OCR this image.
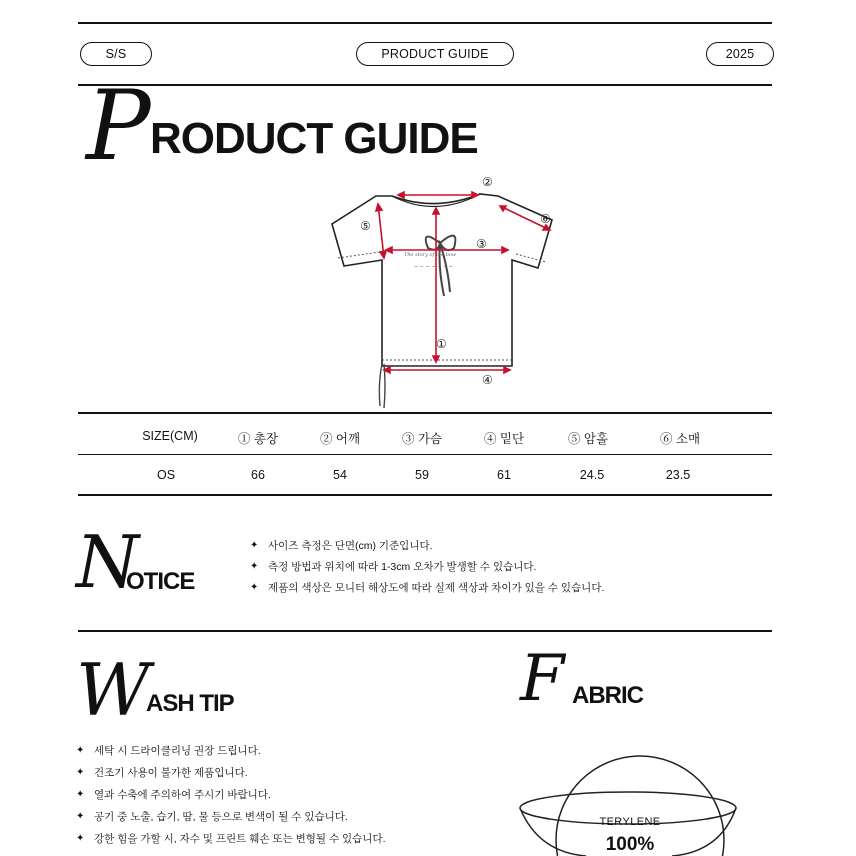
S/S	PRODUCT GUIDE	2025
P RODUCT GUIDE
The story of the bow
~ ~ ~ ~ ~ ~ ~
②
⑥
⑤
③
①
④
SIZE(CM)	① 총장	② 어깨	③ 가슴	④ 밑단	⑤ 암홀	⑥ 소매
OS	66	54	59	61	24.5	23.5
N
OTICE
✦ 사이즈 측정은 단면(cm) 기준입니다.
✦ 측정 방법과 위치에 따라 1-3cm 오차가 발생할 수 있습니다.
✦ 제품의 색상은 모니터 해상도에 따라 실제 색상과 차이가 있을 수 있습니다.
W
ASH TIP
✦ 세탁 시 드라이클리닝 권장 드립니다.
✦ 건조기 사용이 불가한 제품입니다.
✦ 열과 수축에 주의하여 주시기 바랍니다.
✦ 공기 중 노출, 습기, 땀, 물 등으로 변색이 될 수 있습니다.
✦ 강한 힘을 가할 시, 자수 및 프린트 훼손 또는 변형될 수 있습니다.
F ABRIC
TERYLENE
100%
